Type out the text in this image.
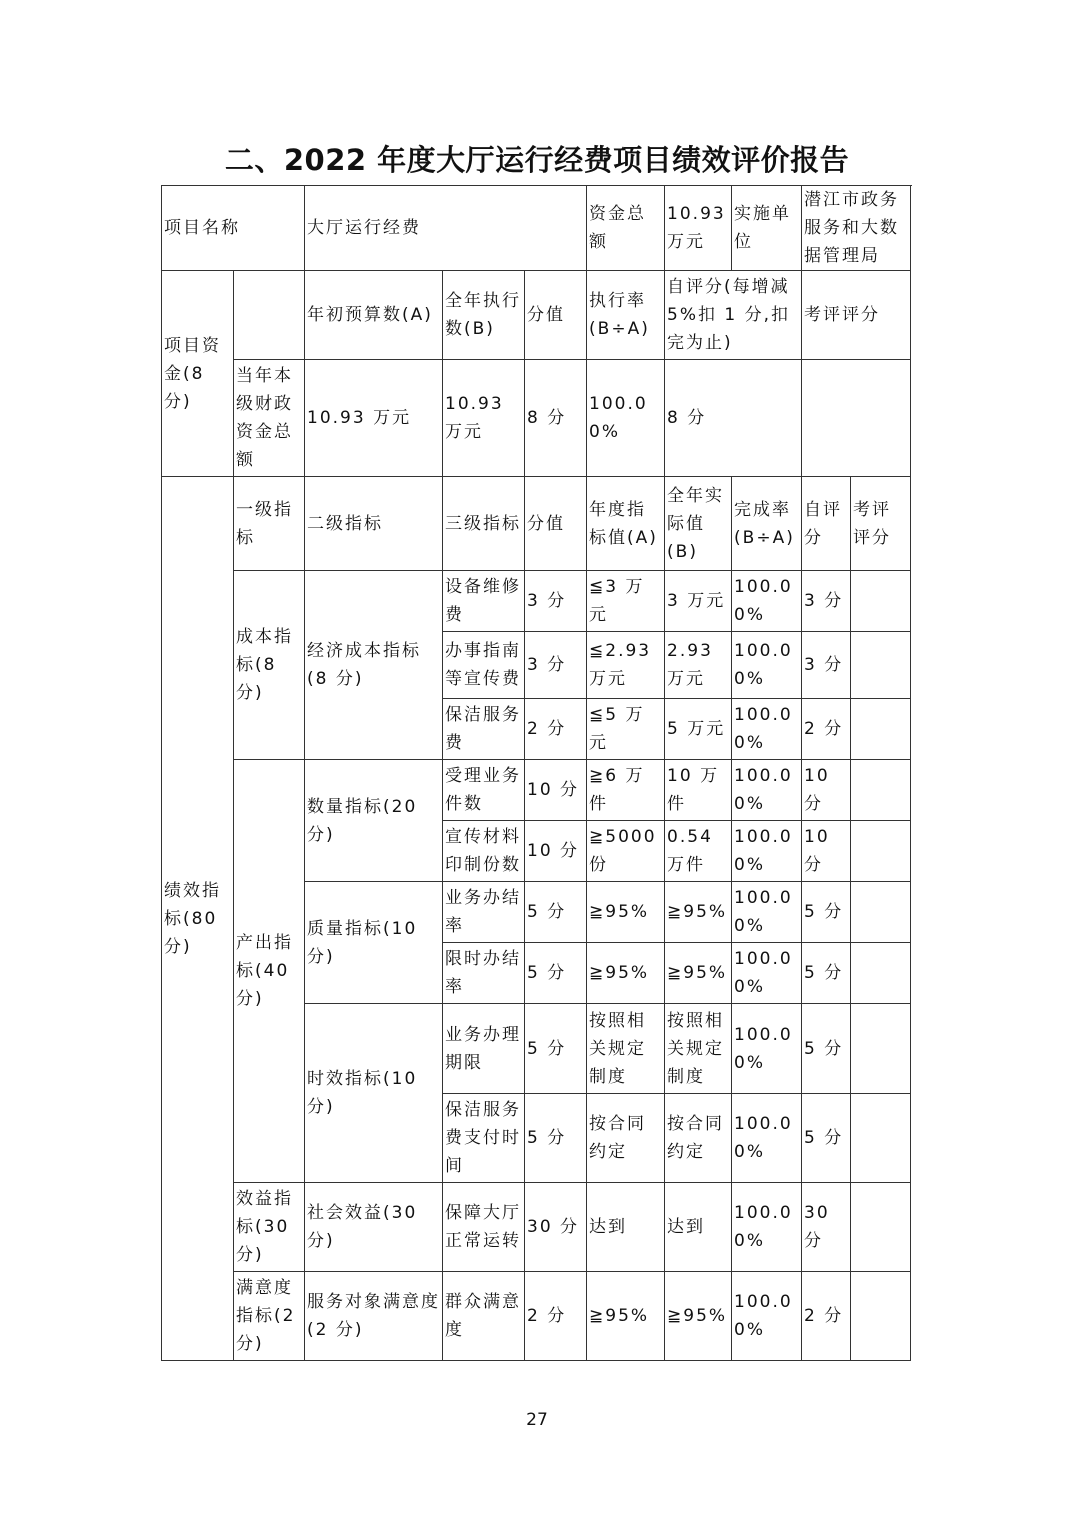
二、2022 年度大厅运行经费项目绩效评价报告
项目名称		大厅运行经费			资金总额	10.93 万元	实施单位	潜江市政务服务和大数据管理局	
项目资金(8 分)		年初预算数(A)	全年执行数(B)	分值	执行率(B÷A)	自评分(每增减 5%扣 1 分,扣完为止)		考评评分	
	当年本级财政资金总额	10.93 万元	10.93 万元	8 分	100.00%	8 分			
绩效指标(80 分)	一级指标	二级指标	三级指标	分值	年度指标值(A)	全年实际值(B)	完成率(B÷A)	自评分	考评评分
	成本指标(8 分)	经济成本指标(8 分)	设备维修费	3 分	≦3 万元	3 万元	100.00%	3 分	
			办事指南等宣传费	3 分	≦2.93 万元	2.93 万元	100.00%	3 分	
			保洁服务费	2 分	≦5 万元	5 万元	100.00%	2 分	
	产出指标(40 分)	数量指标(20 分)	受理业务件数	10 分	≧6 万件	10 万件	100.00%	10 分	
			宣传材料印制份数	10 分	≧5000 份	0.54 万件	100.00%	10 分	
		质量指标(10 分)	业务办结率	5 分	≧95%	≧95%	100.00%	5 分	
			限时办结率	5 分	≧95%	≧95%	100.00%	5 分	
		时效指标(10 分)	业务办理期限	5 分	按照相关规定制度	按照相关规定制度	100.00%	5 分	
			保洁服务费支付时间	5 分	按合同约定	按合同约定	100.00%	5 分	
	效益指标(30 分)	社会效益(30 分)	保障大厅正常运转	30 分	达到	达到	100.00%	30 分	
	满意度指标(2 分)	服务对象满意度(2 分)	群众满意度	2 分	≧95%	≧95%	100.00%	2 分	
27
